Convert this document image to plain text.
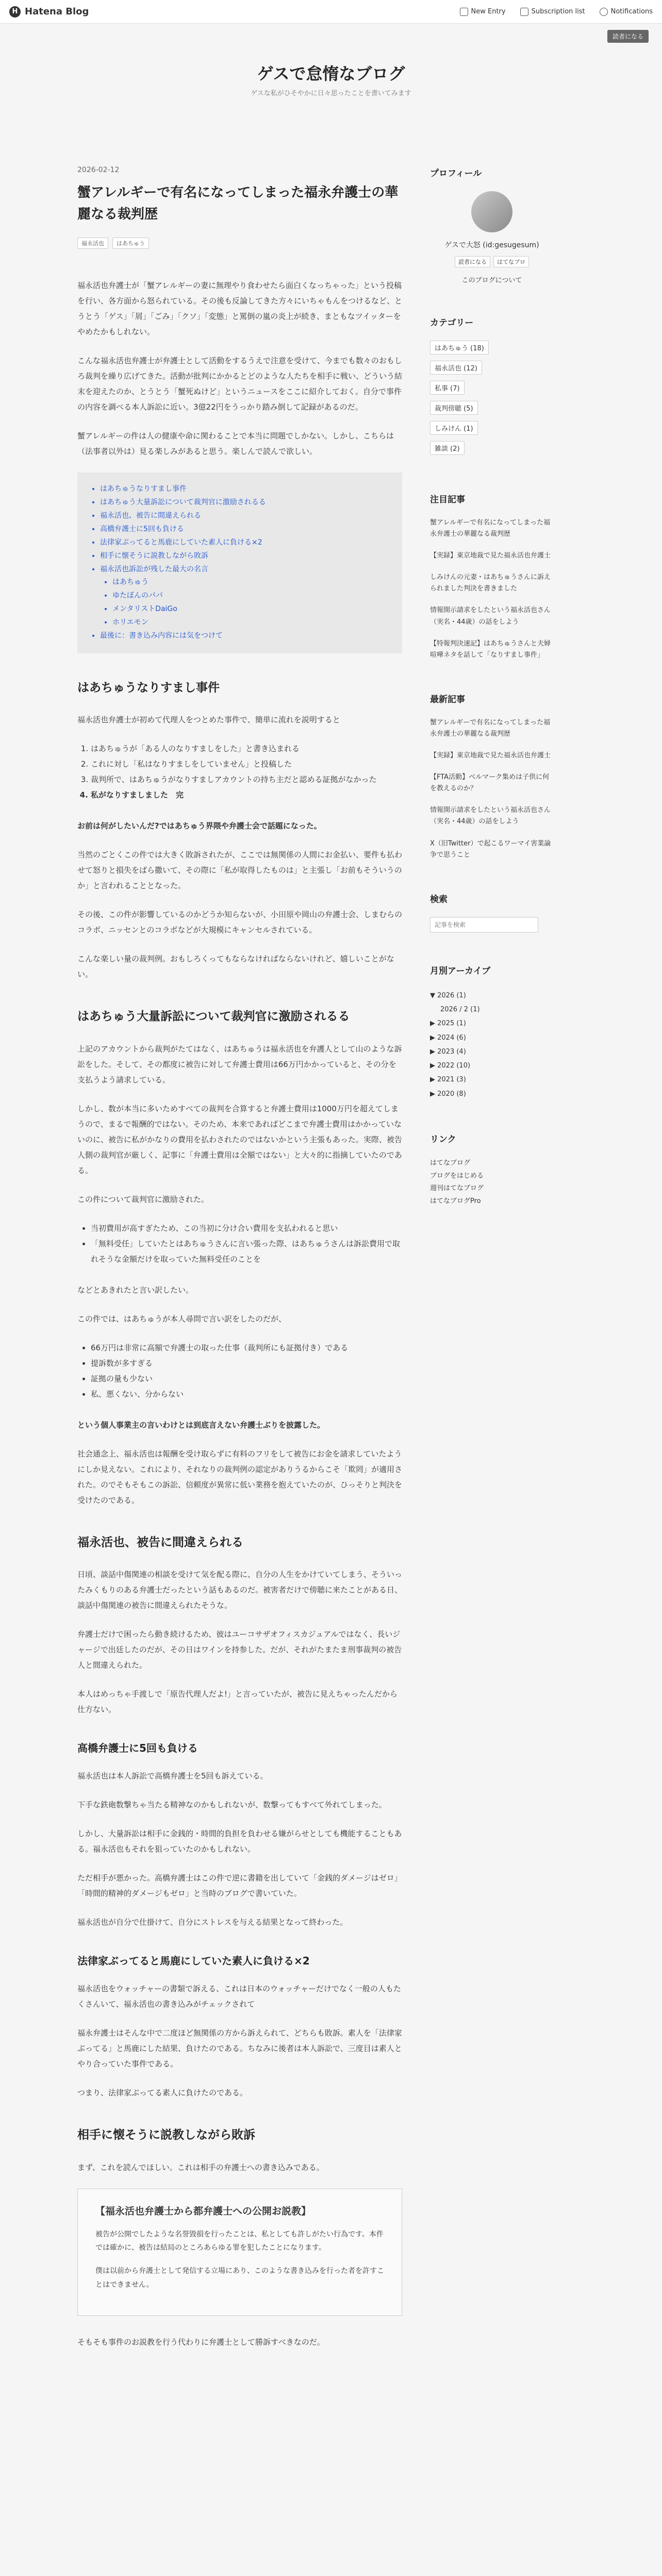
H Hatena Blog	New Entry	Subscription list	Notifications
読者になる
ゲスで怠惰なブログ
ゲスな私がひそやかに日々思ったことを書いてみます
2026-02-12
蟹アレルギーで有名になってしまった福永弁護士の華麗なる裁判歴
福永活也	はあちゅう

福永活也弁護士が「蟹アレルギーの妻に無理やり食わせたら面白くなっちゃった」という投稿を行い、各方面から怒られている。その後も反論してきた方々にいちゃもんをつけるなど、とうとう「ゲス」「屑」「ごみ」「クソ」「変態」と罵倒の嵐の炎上が続き、まともなツイッターをやめたかもしれない。

こんな福永活也弁護士が弁護士として活動をするうえで注意を受けて、今までも数々のおもしろ裁判を繰り広げてきた。活動が批判にかかるとどのような人たちを相手に戦い、どういう結末を迎えたのか、とうとう「蟹死ぬけど」というニュースをここに紹介しておく。自分で事件の内容を調べる本人訴訟に近い。3億22円をうっかり踏み倒して記録があるのだ。

蟹アレルギーの件は人の健康や命に関わることで本当に問題でしかない。しかし、こちらは（法事者以外は）見る楽しみがあると思う。楽しんで読んで欲しい。

• はあちゅうなりすまし事件
• はあちゅう大量訴訟について裁判官に激励されるる
• 福永活也、被告に間違えられる
• 高橋弁護士に5回も負ける
• 法律家ぶってると馬鹿にしていた素人に負ける×2
• 相手に懐そうに説教しながら敗訴
• 福永活也訴訟が残した最大の名言
• はあちゅう
• ゆたぼんのパパ
• メンタリストDaiGo
• ホリエモン
• 最後に：書き込み内容には気をつけて
はあちゅうなりすまし事件

福永活也弁護士が初めて代理人をつとめた事件で、簡単に流れを説明すると

1. はあちゅうが「ある人のなりすましをした」と書き込まれる
2. これに対し「私はなりすましをしていません」と投稿した
3. 裁判所で、はあちゅうがなりすましアカウントの持ち主だと認める証拠がなかった
4. 私がなりすましました　完

お前は何がしたいんだ?ではあちゅう界隈や弁護士会で話題になった。

当然のごとくこの件では大きく敗訴されたが、ここでは無関係の人間にお金払い、要件も払わせて怒りと損失をばら撒いて、その際に「私が取得したものは」と主張し「お前もそういうのか」と言われることとなった。

その後、この件が影響しているのかどうか知らないが、小田原や岡山の弁護士会、しまむらのコラボ、ニッセンとのコラボなどが大規模にキャンセルされている。

こんな楽しい量の裁判例。おもしろくってもならなければならないけれど、嬉しいことがない。

はあちゅう大量訴訟について裁判官に激励されるる

上記のアカウントから裁判がたてはなく、はあちゅうは福永活也を弁護人として山のような訴訟をした。そして、その都度に被告に対して弁護士費用は66万円かかっていると、その分を支払うよう請求している。

しかし、数が本当に多いためすべての裁判を合算すると弁護士費用は1000万円を超えてしまうので、まるで報酬的ではない。そのため、本来であればどこまで弁護士費用はかかっていないのに、被告に私がかなりの費用を払わされたのではないかという主張もあった。実際、被告人側の裁判官が厳しく、記事に「弁護士費用は全額ではない」と大々的に指摘していたのである。

この件について裁判官に激励された。

• 当初費用が高すぎたため、この当初に分け合い費用を支払われると思い
• 「無料受任」していたとはあちゅうさんに言い張った際、はあちゅうさんは訴訟費用で取れそうな金額だけを取っていた無料受任のことを

などとあきれたと言い訳したい。

この件では、はあちゅうが本人尋問で言い訳をしたのだが、

• 66万円は非常に高額で弁護士の取った仕事（裁判所にも証拠付き）である
• 提訴数が多すぎる
• 証拠の量も少ない
• 私、悪くない、分からない

という個人事業主の言いわけとは到底言えない弁護士ぶりを披露した。

社会通念上、福永活也は報酬を受け取らずに有料のフリをして被告にお金を請求していたようにしか見えない。これにより、それなりの裁判例の認定がありうるからこそ「欺罔」が適用された。のでそもそもこの訴訟、信頼度が異常に低い業務を抱えていたのが、ひっそりと判決を受けたのである。

福永活也、被告に間違えられる

日頃、談話中傷関連の相談を受けて気を配る際に、自分の人生をかけていてしまう、そういったみくもりのある弁護士だったという話もあるのだ。被害者だけで傍聴に来たことがある日、談話中傷関連の被告に間違えられたそうな。

弁護士だけで困ったら動き続けるため、彼はユーコサザオフィスカジュアルではなく、長いジャージで出廷したのだが、その日はワインを持参した。だが、それがたまたま刑事裁判の被告人と間違えられた。

本人はめっちゃ手渡しで「原告代理人だよ!」と言っていたが、被告に見えちゃったんだから仕方ない。

高橋弁護士に5回も負ける

福永活也は本人訴訟で高橋弁護士を5回も訴えている。

下手な鉄砲数撃ちゃ当たる精神なのかもしれないが、数撃ってもすべて外れてしまった。

しかし、大量訴訟は相手に金銭的・時間的負担を負わせる嫌がらせとしても機能することもある。福永活也もそれを狙っていたのかもしれない。

ただ相手が悪かった。高橋弁護士はこの件で逆に書籍を出していて「金銭的ダメージはゼロ」「時間的精神的ダメージもゼロ」と当時のブログで書いていた。

福永活也が自分で仕掛けて、自分にストレスを与える結果となって終わった。

法律家ぶってると馬鹿にしていた素人に負ける×2

福永活也をウォッチャーの書類で訴える、これは日本のウォッチャーだけでなく一般の人もたくさんいて、福永活也の書き込みがチェックされて

福永弁護士はそんな中で二度ほど無関係の方から訴えられて、どちらも敗訴。素人を「法律家ぶってる」と馬鹿にした結果、負けたのである。ちなみに後者は本人訴訟で、三度目は素人とやり合っていた事件である。

つまり、法律家ぶってる素人に負けたのである。

相手に懐そうに説教しながら敗訴

まず、これを読んでほしい。これは相手の弁護士への書き込みである。

【福永活也弁護士から都弁護士への公開お説教】

被告が公開でしたような名誉毀損を行ったことは、私としても許しがたい行為です。本件では確かに、被告は結局のところあらゆる罪を犯したことになります。

僕は以前から弁護士として発信する立場にあり、このような書き込みを行った者を許すことはできません。

そもそも事件のお説教を行う代わりに弁護士として勝訴すべきなのだ。

プロフィール
ゲスで大怒 (id:gesugesum)
読者になる	はてなブロ
このブログについて
カテゴリー
はあちゅう (18)
福永活也 (12)
私事 (7)
裁判傍聴 (5)
しみけん (1)
雑談 (2)
注目記事
蟹アレルギーで有名になってしまった福永弁護士の華麗なる裁判歴
【実録】東京地裁で見た福永活也弁護士
しみけんの元妻・はあちゅうさんに訴えられました判決を書きました
情報開示請求をしたという福永活也さん（実名・44歳）の話をしよう
【特報判決速記】はあちゅうさんと夫婦喧嘩ネタを話して「なりすまし事件」
最新記事
蟹アレルギーで有名になってしまった福永弁護士の華麗なる裁判歴
【実録】東京地裁で見た福永活也弁護士
【FTA活動】ベルマーク集めは子供に何を教えるのか？
情報開示請求をしたという福永活也さん（実名・44歳）の話をしよう
X（旧Twitter）で起こるワーマイ害業論争で思うこと
検索
記事を検索
月別アーカイブ
▼ 2026 (1)
2026 / 2 (1)
▶ 2025 (1)
▶ 2024 (6)
▶ 2023 (4)
▶ 2022 (10)
▶ 2021 (3)
▶ 2020 (8)
リンク
はてなブログ
ブログをはじめる
週刊はてなブログ
はてなブログPro
